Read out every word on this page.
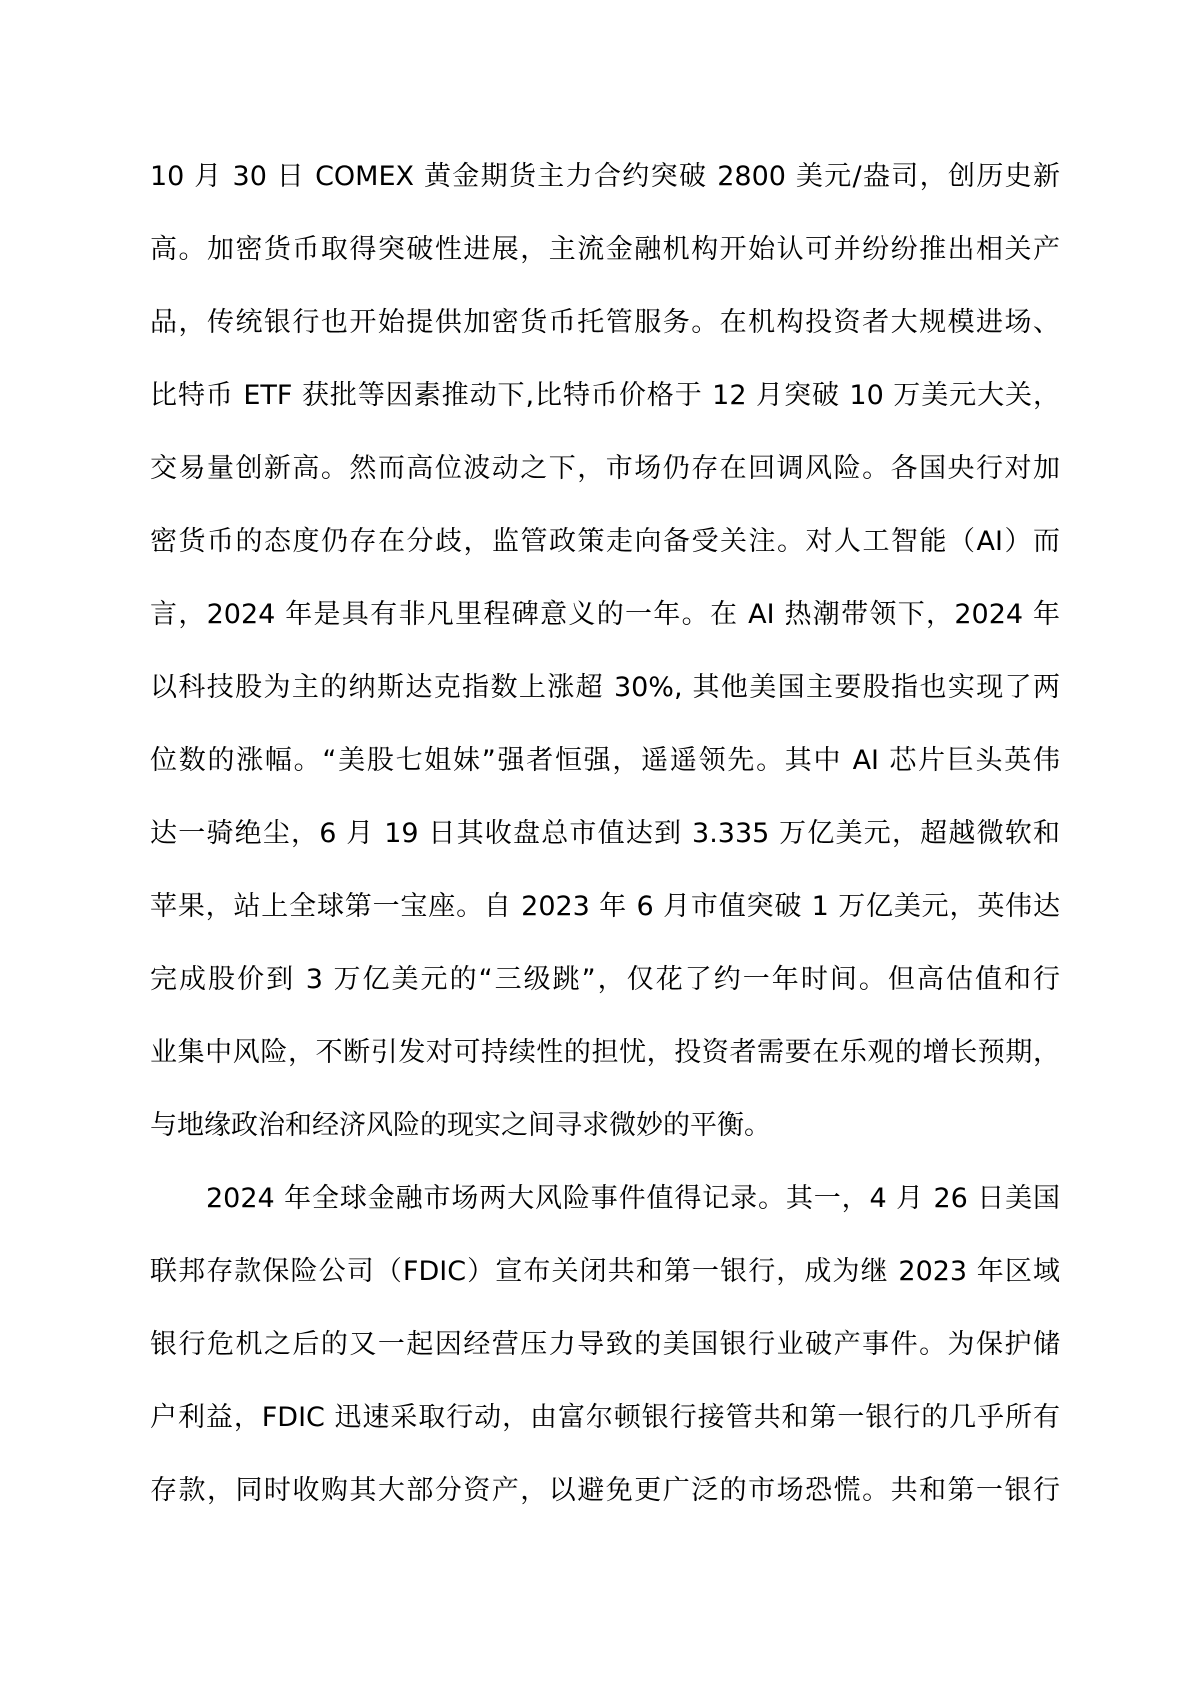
10 月 30 日 COMEX 黄金期货主力合约突破 2800 美元/盎司，创历史新
高。加密货币取得突破性进展，主流金融机构开始认可并纷纷推出相关产
品，传统银行也开始提供加密货币托管服务。在机构投资者大规模进场、
比特币 ETF 获批等因素推动下,比特币价格于 12 月突破 10 万美元大关，
交易量创新高。然而高位波动之下，市场仍存在回调风险。各国央行对加
密货币的态度仍存在分歧，监管政策走向备受关注。对人工智能（AI）而
言，2024 年是具有非凡里程碑意义的一年。在 AI 热潮带领下，2024 年
以科技股为主的纳斯达克指数上涨超 30%, 其他美国主要股指也实现了两
位数的涨幅。“美股七姐妹”强者恒强，遥遥领先。其中 AI 芯片巨头英伟
达一骑绝尘，6 月 19 日其收盘总市值达到 3.335 万亿美元，超越微软和
苹果，站上全球第一宝座。自 2023 年 6 月市值突破 1 万亿美元，英伟达
完成股价到 3 万亿美元的“三级跳”，仅花了约一年时间。但高估值和行
业集中风险，不断引发对可持续性的担忧，投资者需要在乐观的增长预期，
与地缘政治和经济风险的现实之间寻求微妙的平衡。
2024 年全球金融市场两大风险事件值得记录。其一，4 月 26 日美国
联邦存款保险公司（FDIC）宣布关闭共和第一银行，成为继 2023 年区域
银行危机之后的又一起因经营压力导致的美国银行业破产事件。为保护储
户利益，FDIC 迅速采取行动，由富尔顿银行接管共和第一银行的几乎所有
存款，同时收购其大部分资产，以避免更广泛的市场恐慌。共和第一银行
